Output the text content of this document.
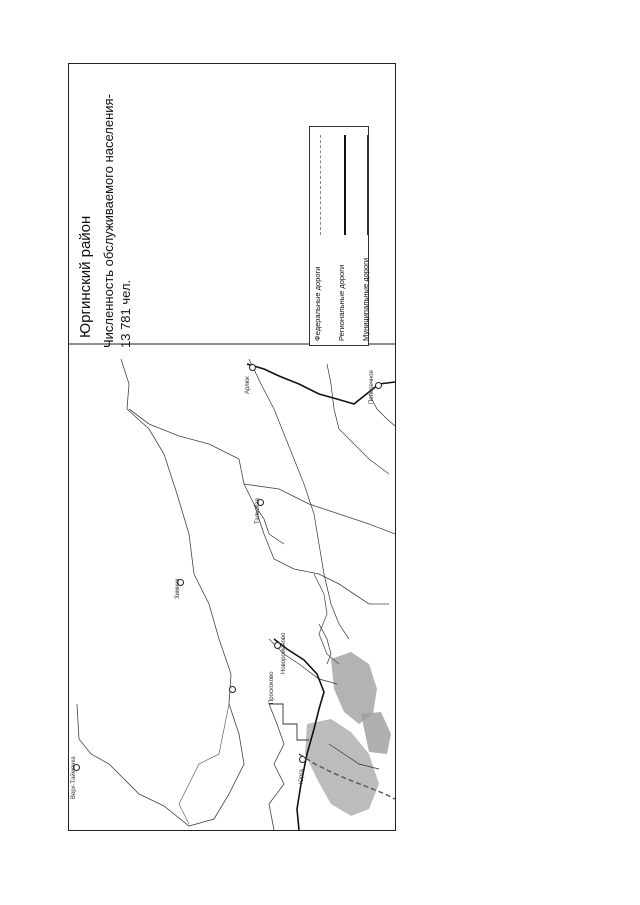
Юрга
Арлюк
Новороманово
Проскоково
Тальская
Поперечное
Зимник
Верх-Тайменка
Юргинский район Численность обслуживаемого населения- 13 781 чел.	Федеральные дороги Региональные дороги Муниципальные дороги
